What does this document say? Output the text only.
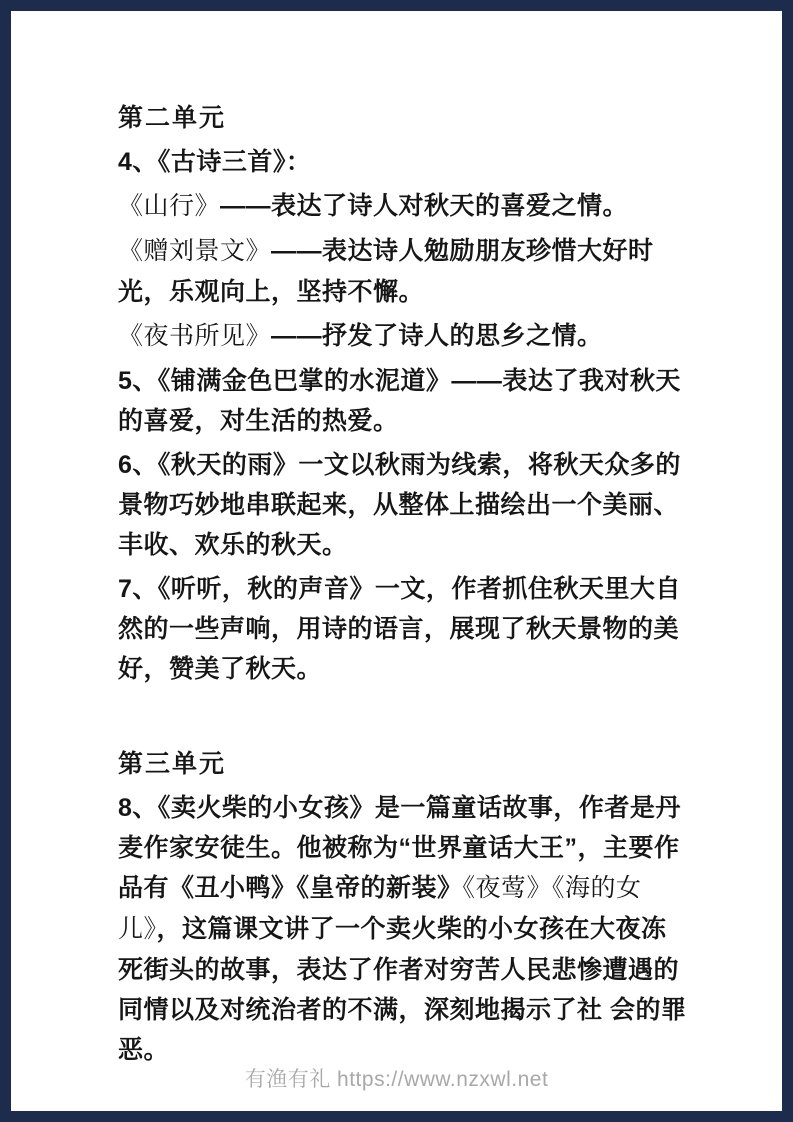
第二单元

4、《古诗三首》：

《山行》——表达了诗人对秋天的喜爱之情。

《赠刘景文》——表达诗人勉励朋友珍惜大好时光，乐观向上，坚持不懈。

《夜书所见》——抒发了诗人的思乡之情。

5、《铺满金色巴掌的水泥道》——表达了我对秋天的喜爱，对生活的热爱。

6、《秋天的雨》一文以秋雨为线索，将秋天众多的景物巧妙地串联起来，从整体上描绘出一个美丽、丰收、欢乐的秋天。

7、《听听，秋的声音》一文，作者抓住秋天里大自然的一些声响，用诗的语言，展现了秋天景物的美好，赞美了秋天。

第三单元

8、《卖火柴的小女孩》是一篇童话故事，作者是丹麦作家安徒生。他被称为“世界童话大王”，主要作品有《丑小鸭》《皇帝的新装》《夜莺》《海的女儿》，这篇课文讲了一个卖火柴的小女孩在大夜冻死街头的故事，表达了作者对穷苦人民悲惨遭遇的同情以及对统治者的不满，深刻地揭示了社 会的罪恶。

有渔有礼 https://www.nzxwl.net
